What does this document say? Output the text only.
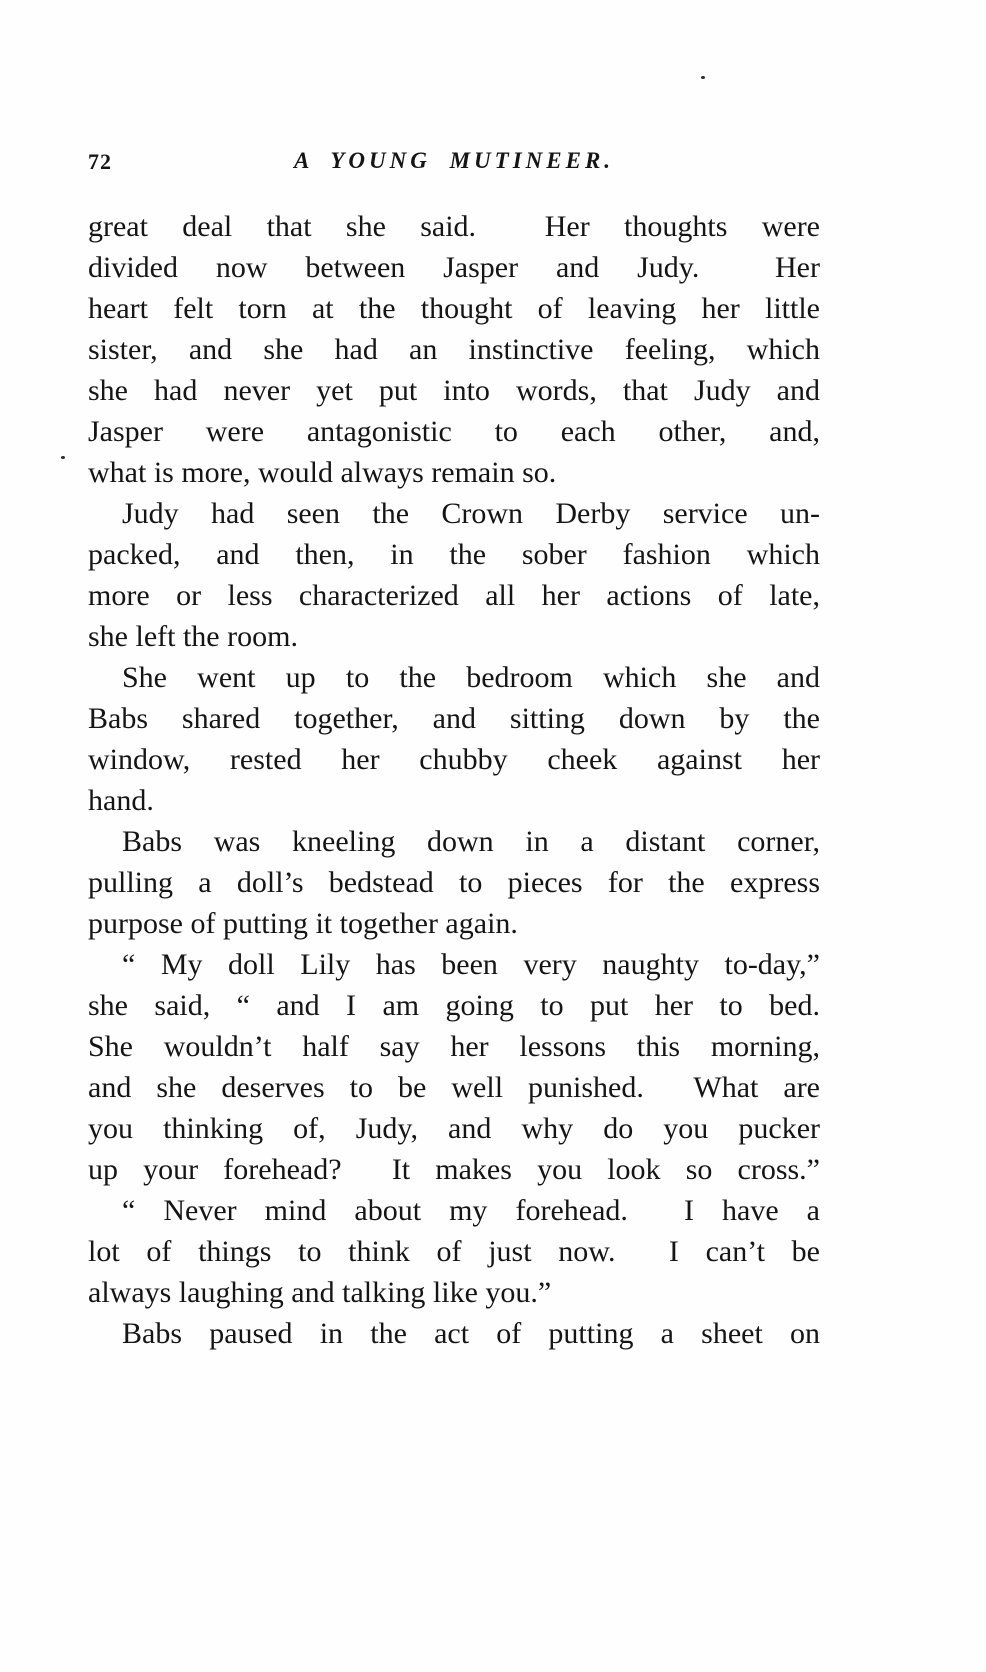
72	A YOUNG MUTINEER.
great deal that she said.  Her thoughts were
divided now between Jasper and Judy.  Her
heart felt torn at the thought of leaving her little
sister, and she had an instinctive feeling, which
she had never yet put into words, that Judy and
Jasper were antagonistic to each other, and,
what is more, would always remain so.
Judy had seen the Crown Derby service un-
packed, and then, in the sober fashion which
more or less characterized all her actions of late,
she left the room.
She went up to the bedroom which she and
Babs shared together, and sitting down by the
window, rested her chubby cheek against her
hand.
Babs was kneeling down in a distant corner,
pulling a doll’s bedstead to pieces for the express
purpose of putting it together again.
“ My doll Lily has been very naughty to-day,”
she said, “ and I am going to put her to bed.
She wouldn’t half say her lessons this morning,
and she deserves to be well punished.  What are
you thinking of, Judy, and why do you pucker
up your forehead?  It makes you look so cross.”
“ Never mind about my forehead.  I have a
lot of things to think of just now.  I can’t be
always laughing and talking like you.”
Babs paused in the act of putting a sheet on
